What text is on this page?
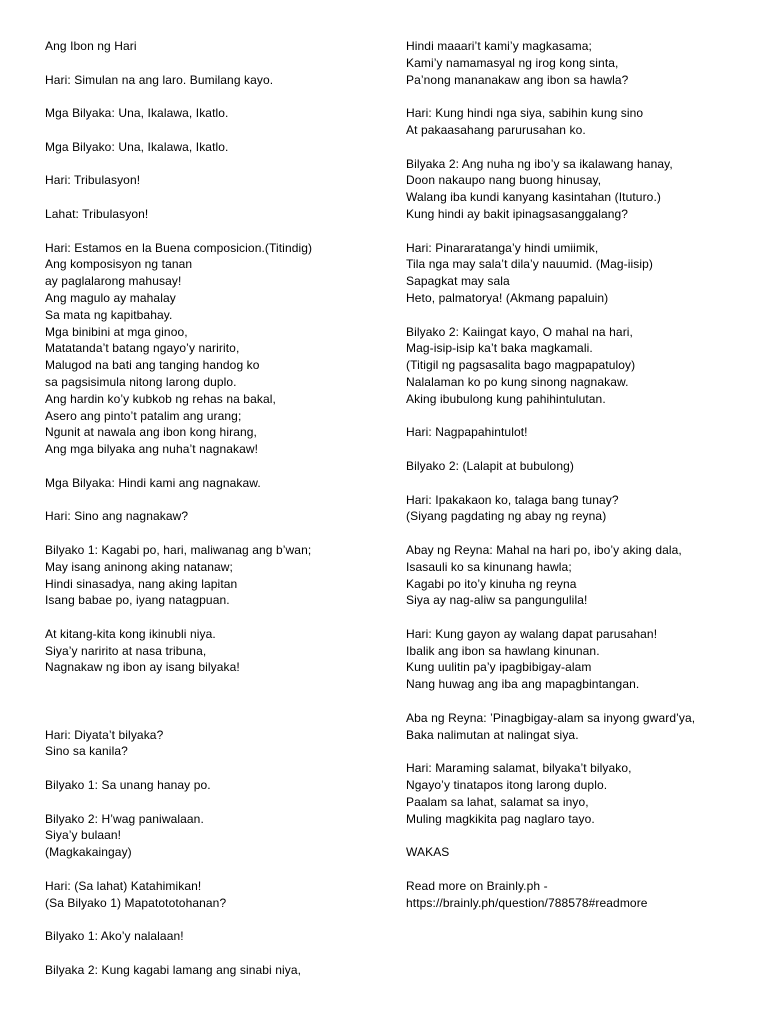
Ang Ibon ng Hari
Hari: Simulan na ang laro. Bumilang kayo.
Mga Bilyaka: Una, Ikalawa, Ikatlo.
Mga Bilyako: Una, Ikalawa, Ikatlo.
Hari: Tribulasyon!
Lahat: Tribulasyon!
Hari: Estamos en la Buena composicion.(Titindig)
Ang komposisyon ng tanan
ay paglalarong mahusay!
Ang magulo ay mahalay
Sa mata ng kapitbahay.
Mga binibini at mga ginoo,
Matatanda’t batang ngayo’y naririto,
Malugod na bati ang tanging handog ko
sa pagsisimula nitong larong duplo.
Ang hardin ko’y kubkob ng rehas na bakal,
Asero ang pinto’t patalim ang urang;
Ngunit at nawala ang ibon kong hirang,
Ang mga bilyaka ang nuha’t nagnakaw!
Mga Bilyaka: Hindi kami ang nagnakaw.
Hari: Sino ang nagnakaw?
Bilyako 1: Kagabi po, hari, maliwanag ang b’wan;
May isang aninong aking natanaw;
Hindi sinasadya, nang aking lapitan
Isang babae po, iyang natagpuan.
At kitang-kita kong ikinubli niya.
Siya’y naririto at nasa tribuna,
Nagnakaw ng ibon ay isang bilyaka!
Hari: Diyata’t bilyaka?
Sino sa kanila?
Bilyako 1: Sa unang hanay po.
Bilyako 2: H’wag paniwalaan.
Siya’y bulaan!
(Magkakaingay)
Hari: (Sa lahat) Katahimikan!
(Sa Bilyako 1) Mapatototohanan?
Bilyako 1: Ako’y nalalaan!
Bilyaka 2: Kung kagabi lamang ang sinabi niya,
Hindi maaari’t kami’y magkasama;
Kami’y namamasyal ng irog kong sinta,
Pa’nong mananakaw ang ibon sa hawla?
Hari: Kung hindi nga siya, sabihin kung sino
At pakaasahang parurusahan ko.
Bilyaka 2: Ang nuha ng ibo’y sa ikalawang hanay,
Doon nakaupo nang buong hinusay,
Walang iba kundi kanyang kasintahan (Ituturo.)
Kung hindi ay bakit ipinagsasanggalang?
Hari: Pinararatanga’y hindi umiimik,
Tila nga may sala’t dila’y nauumid. (Mag-iisip)
Sapagkat may sala
Heto, palmatorya! (Akmang papaluin)
Bilyako 2: Kaiingat kayo, O mahal na hari,
Mag-isip-isip ka’t baka magkamali.
(Titigil ng pagsasalita bago magpapatuloy)
Nalalaman ko po kung sinong nagnakaw.
Aking ibubulong kung pahihintulutan.
Hari: Nagpapahintulot!
Bilyako 2: (Lalapit at bubulong)
Hari: Ipakakaon ko, talaga bang tunay?
(Siyang pagdating ng abay ng reyna)
Abay ng Reyna: Mahal na hari po, ibo’y aking dala,
Isasauli ko sa kinunang hawla;
Kagabi po ito’y kinuha ng reyna
Siya ay nag-aliw sa pangungulila!
Hari: Kung gayon ay walang dapat parusahan!
Ibalik ang ibon sa hawlang kinunan.
Kung uulitin pa’y ipagbibigay-alam
Nang huwag ang iba ang mapagbintangan.
Aba ng Reyna: ’Pinagbigay-alam sa inyong gward’ya,
Baka nalimutan at nalingat siya.
Hari: Maraming salamat, bilyaka’t bilyako,
Ngayo’y tinatapos itong larong duplo.
Paalam sa lahat, salamat sa inyo,
Muling magkikita pag naglaro tayo.
WAKAS
Read more on Brainly.ph -
https://brainly.ph/question/788578#readmore
